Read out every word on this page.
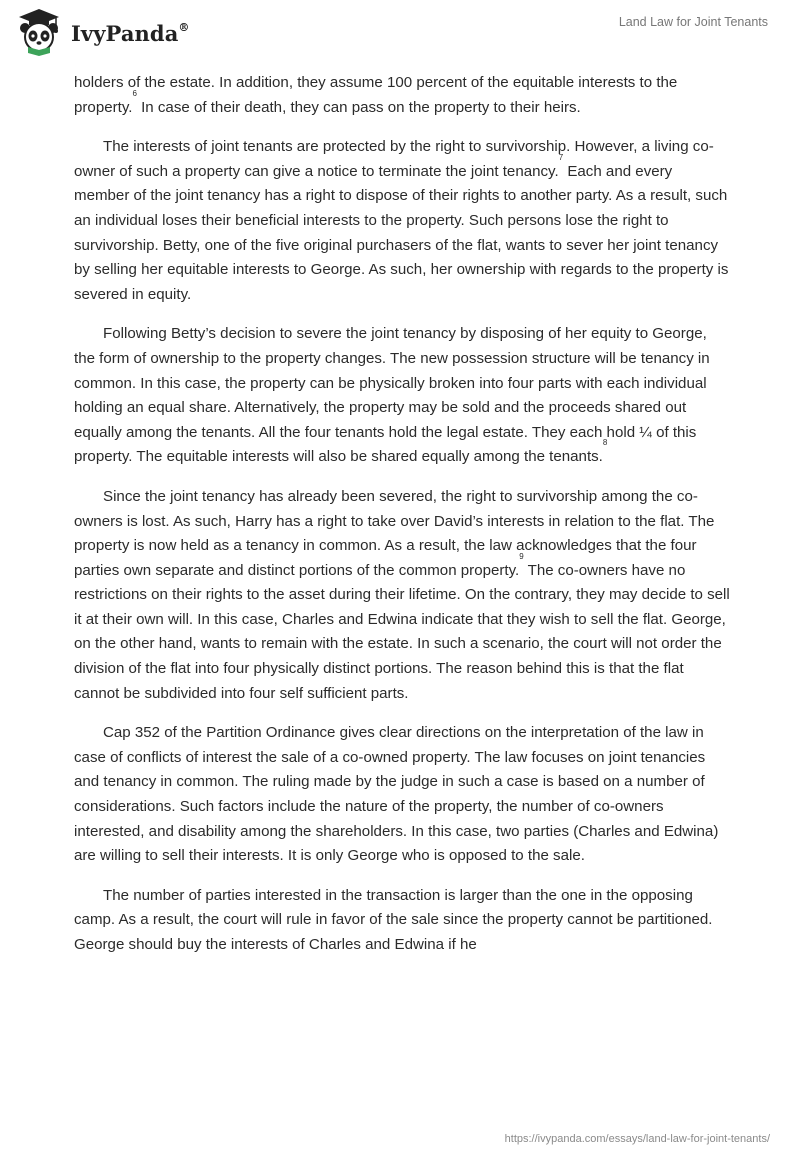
IvyPanda®	Land Law for Joint Tenants

holders of the estate. In addition, they assume 100 percent of the equitable interests to the property.$^6$ In case of their death, they can pass on the property to their heirs.

The interests of joint tenants are protected by the right to survivorship. However, a living co-owner of such a property can give a notice to terminate the joint tenancy.$^7$ Each and every member of the joint tenancy has a right to dispose of their rights to another party. As a result, such an individual loses their beneficial interests to the property. Such persons lose the right to survivorship. Betty, one of the five original purchasers of the flat, wants to sever her joint tenancy by selling her equitable interests to George. As such, her ownership with regards to the property is severed in equity.

Following Betty’s decision to severe the joint tenancy by disposing of her equity to George, the form of ownership to the property changes. The new possession structure will be tenancy in common. In this case, the property can be physically broken into four parts with each individual holding an equal share. Alternatively, the property may be sold and the proceeds shared out equally among the tenants. All the four tenants hold the legal estate. They each hold ¼ of this property. The equitable interests will also be shared equally among the tenants.$^8$

Since the joint tenancy has already been severed, the right to survivorship among the co-owners is lost. As such, Harry has a right to take over David’s interests in relation to the flat. The property is now held as a tenancy in common. As a result, the law acknowledges that the four parties own separate and distinct portions of the common property.$^9$ The co-owners have no restrictions on their rights to the asset during their lifetime. On the contrary, they may decide to sell it at their own will. In this case, Charles and Edwina indicate that they wish to sell the flat. George, on the other hand, wants to remain with the estate. In such a scenario, the court will not order the division of the flat into four physically distinct portions. The reason behind this is that the flat cannot be subdivided into four self sufficient parts.

Cap 352 of the Partition Ordinance gives clear directions on the interpretation of the law in case of conflicts of interest the sale of a co-owned property. The law focuses on joint tenancies and tenancy in common. The ruling made by the judge in such a case is based on a number of considerations. Such factors include the nature of the property, the number of co-owners interested, and disability among the shareholders. In this case, two parties (Charles and Edwina) are willing to sell their interests. It is only George who is opposed to the sale.

The number of parties interested in the transaction is larger than the one in the opposing camp. As a result, the court will rule in favor of the sale since the property cannot be partitioned. George should buy the interests of Charles and Edwina if he

https://ivypanda.com/essays/land-law-for-joint-tenants/
